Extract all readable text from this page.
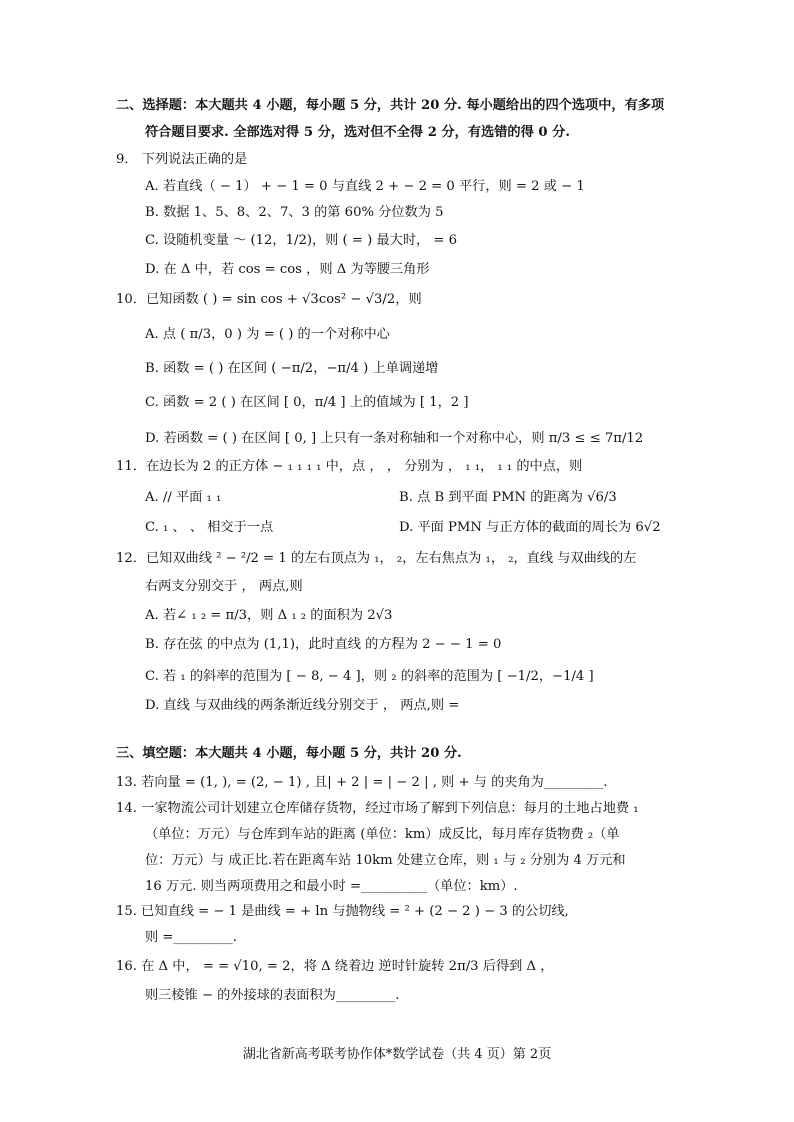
二、选择题：本大题共 4 小题，每小题 5 分，共计 20 分. 每小题给出的四个选项中，有多项
符合题目要求. 全部选对得 5 分，选对但不全得 2 分，有选错的得 0 分.
9． 下列说法正确的是
A. 若直线（ − 1） + − 1 = 0 与直线 2 + − 2 = 0 平行，则 = 2 或 − 1
B. 数据 1、5、8、2、7、3 的第 60% 分位数为 5
C. 设随机变量 ～ (12，1/2)，则 ( = ) 最大时， = 6
D. 在 Δ 中，若 cos = cos ，则 Δ 为等腰三角形
10．已知函数 ( ) = sin cos + √3cos² − √3/2，则
A. 点 ( π/3，0 ) 为 = ( ) 的一个对称中心
B. 函数 = ( ) 在区间 ( −π/2，−π/4 ) 上单调递增
C. 函数 = 2 ( ) 在区间 [ 0，π/4 ] 上的值域为 [ 1，2 ]
D. 若函数 = ( ) 在区间 [ 0, ] 上只有一条对称轴和一个对称中心，则 π/3 ≤ ≤ 7π/12
11．在边长为 2 的正方体 − ₁ ₁ ₁ ₁ 中，点 ， ， 分别为 ， ₁ ₁， ₁ ₁ 的中点，则
A. // 平面 ₁ ₁	B. 点 B 到平面 PMN 的距离为 √6/3
C. ₁ 、 、 相交于一点	D. 平面 PMN 与正方体的截面的周长为 6√2
12．已知双曲线 ² − ²/2 = 1 的左右顶点为 ₁， ₂，左右焦点为 ₁， ₂，直线 与双曲线的左
右两支分别交于 ， 两点,则
A. 若∠ ₁ ₂ = π/3，则 Δ ₁ ₂ 的面积为 2√3
B. 存在弦 的中点为 (1,1)，此时直线 的方程为 2 − − 1 = 0
C. 若 ₁ 的斜率的范围为 [ − 8, − 4 ]，则 ₂ 的斜率的范围为 [ −1/2，−1/4 ]
D. 直线 与双曲线的两条渐近线分别交于 ， 两点,则 =
三、填空题：本大题共 4 小题，每小题 5 分，共计 20 分.
13. 若向量 = (1, ), = (2, − 1) , 且| + 2 | = | − 2 | , 则 + 与 的夹角为_________.
14. 一家物流公司计划建立仓库储存货物，经过市场了解到下列信息：每月的土地占地费 ₁
（单位：万元）与仓库到车站的距离 (单位：km）成反比，每月库存货物费 ₂（单
位：万元）与 成正比.若在距离车站 10km 处建立仓库，则 ₁ 与 ₂ 分别为 4 万元和
16 万元. 则当两项费用之和最小时 =__________（单位：km）.
15. 已知直线 = − 1 是曲线 = + ln 与抛物线 = ² + (2 − 2 ) − 3 的公切线,
则 =_________.
16. 在 Δ 中， = = √10, = 2，将 Δ 绕着边 逆时针旋转 2π/3 后得到 Δ ，
则三棱锥 − 的外接球的表面积为_________.
湖北省新高考联考协作体*数学试卷（共 4 页）第 2页
